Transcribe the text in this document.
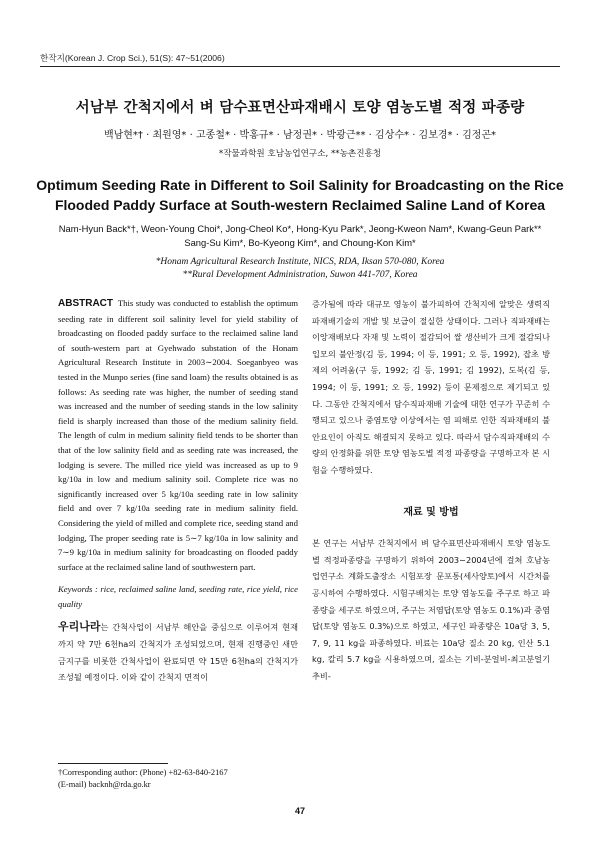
한작지(Korean J. Crop Sci.), 51(S): 47~51(2006)
서남부 간척지에서 벼 담수표면산파재배시 토양 염농도별 적정 파종량
백남현*† · 최원영* · 고종철* · 박홍규* · 남정권* · 박광근** · 김상수* · 김보경* · 김정곤*
*작물과학원 호남농업연구소, **농촌진흥청
Optimum Seeding Rate in Different to Soil Salinity for Broadcasting on the Rice
Flooded Paddy Surface at South-western Reclaimed Saline Land of Korea
Nam-Hyun Back*†, Weon-Young Choi*, Jong-Cheol Ko*, Hong-Kyu Park*, Jeong-Kweon Nam*, Kwang-Geun Park**
Sang-Su Kim*, Bo-Kyeong Kim*, and Choung-Kon Kim*
*Honam Agricultural Research Institute, NICS, RDA, Iksan 570-080, Korea
**Rural Development Administration, Suwon 441-707, Korea

ABSTRACT This study was conducted to establish the optimum seeding rate in different soil salinity level for yield stability of broadcasting on flooded paddy surface to the reclaimed saline land of south-western part at Gyehwado substation of the Honam Agricultural Research Institute in 2003∼2004. Soeganbyeo was tested in the Munpo series (fine sand loam) the results obtained is as follows: As seeding rate was higher, the number of seeding stand was increased and the number of seeding stands in the low salinity field is sharply increased than those of the medium salinity field. The length of culm in medium salinity field tends to be shorter than that of the low salinity field and as seeding rate was increased, the lodging is severe. The milled rice yield was increased as up to 9 kg/10a in low and medium salinity soil. Complete rice was no significantly increased over 5 kg/10a seeding rate in low salinity field and over 7 kg/10a seeding rate in medium salinity field. Considering the yield of milled and complete rice, seeding stand and lodging, The proper seeding rate is 5∼7 kg/10a in low salinity and 7∼9 kg/10a in medium salinity for broadcasting on flooded paddy surface at the reclaimed saline land of southwestern part.

Keywords : rice, reclaimed saline land, seeding rate, rice yield, rice quality

우리나라는 간척사업이 서남부 해안을 중심으로 이루어져 현재까지 약 7만 6천ha의 간척지가 조성되었으며, 현재 진행중인 새만금지구를 비롯한 간척사업이 완료되면 약 15만 6천ha의 간척지가 조성될 예정이다. 이와 같이 간척지 면적이

†Corresponding author: (Phone) +82-63-840-2167
(E-mail) backnh@rda.go.kr

증가됨에 따라 대규모 영농이 불가피하여 간척지에 알맞은 생력직파재배기술의 개발 및 보급이 절실한 상태이다. 그러나 직파재배는 이앙재배보다 자재 및 노력이 절감되어 쌀 생산비가 크게 절감되나 입모의 불안정(김 등, 1994; 이 등, 1991; 오 등, 1992), 잡초 방제의 어려움(구 등, 1992; 김 등, 1991; 김 1992), 도복(김 등, 1994; 이 등, 1991; 오 등, 1992) 등이 문제점으로 제기되고 있다. 그동안 간척지에서 담수직파재배 기술에 대한 연구가 꾸준히 수행되고 있으나 중염토양 이상에서는 염 피해로 인한 직파재배의 불안요인이 아직도 해결되지 못하고 있다. 따라서 담수직파재배의 수량의 안정화를 위한 토양 염농도별 적정 파종량을 구명하고자 본 시험을 수행하였다.

재료 및 방법

본 연구는 서남부 간척지에서 벼 담수표면산파재배시 토양 염농도별 적정파종량을 구명하기 위하여 2003∼2004년에 걸쳐 호남농업연구소 계화도출장소 시험포장 문포통(세사양토)에서 시간처를 공시하여 수행하였다. 시험구배치는 토양 염농도를 주구로 하고 파종량을 세구로 하였으며, 주구는 저염답(토양 염농도 0.1%)과 중염답(토양 염농도 0.3%)으로 하였고, 세구인 파종량은 10a당 3, 5, 7, 9, 11 kg을 파종하였다. 비료는 10a당 질소 20 kg, 인산 5.1 kg, 칼리 5.7 kg을 시용하였으며, 질소는 기비-분얼비-최고분얼기 추비-

47
